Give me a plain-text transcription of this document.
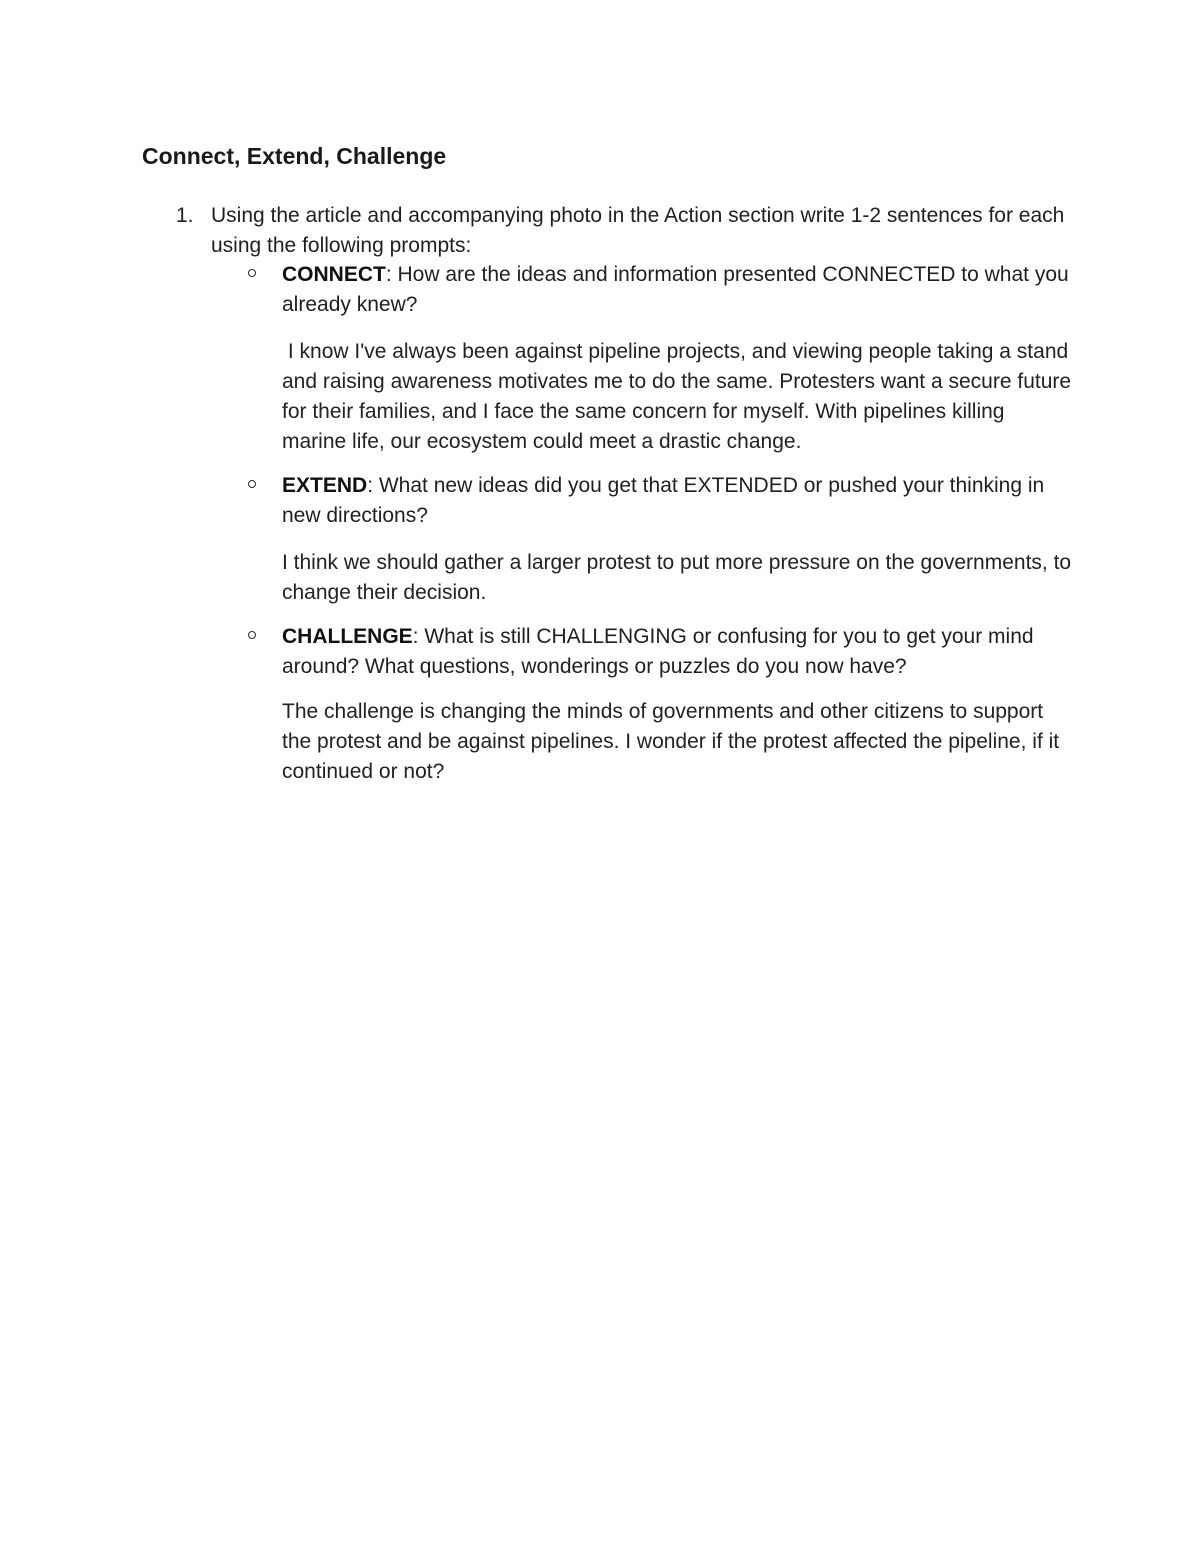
Connect, Extend, Challenge
1. Using the article and accompanying photo in the Action section write 1-2 sentences for each using the following prompts:

CONNECT: How are the ideas and information presented CONNECTED to what you already knew?

I know I've always been against pipeline projects, and viewing people taking a stand and raising awareness motivates me to do the same. Protesters want a secure future for their families, and I face the same concern for myself. With pipelines killing marine life, our ecosystem could meet a drastic change.

EXTEND: What new ideas did you get that EXTENDED or pushed your thinking in new directions?

I think we should gather a larger protest to put more pressure on the governments, to change their decision.

CHALLENGE: What is still CHALLENGING or confusing for you to get your mind around? What questions, wonderings or puzzles do you now have?

The challenge is changing the minds of governments and other citizens to support the protest and be against pipelines. I wonder if the protest affected the pipeline, if it continued or not?
